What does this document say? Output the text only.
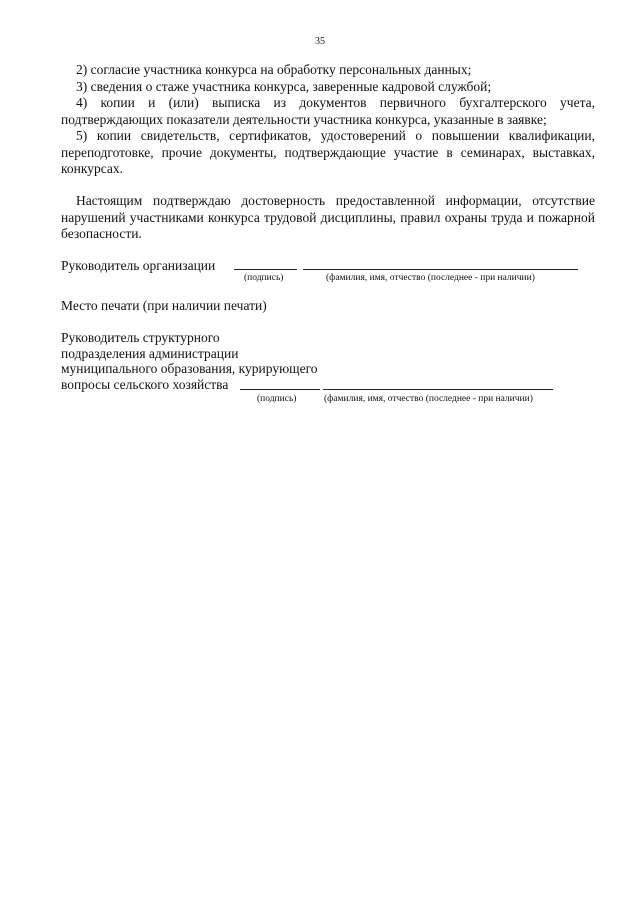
35

2) согласие участника конкурса на обработку персональных данных;

3) сведения о стаже участника конкурса, заверенные кадровой службой;

4) копии и (или) выписка из документов первичного бухгалтерского учета, подтверждающих показатели деятельности участника конкурса, указанные в заявке;

5) копии свидетельств, сертификатов, удостоверений о повышении квалификации, переподготовке, прочие документы, подтверждающие участие в семинарах, выставках, конкурсах.

Настоящим подтверждаю достоверность предоставленной информации, отсутствие нарушений участниками конкурса трудовой дисциплины, правил охраны труда и пожарной безопасности.

Руководитель организации
(подпись)	(фамилия, имя, отчество (последнее - при наличии)
Место печати (при наличии печати)
Руководитель структурного
подразделения администрации
муниципального образования, курирующего
вопросы сельского хозяйства
(подпись)	(фамилия, имя, отчество (последнее - при наличии)
